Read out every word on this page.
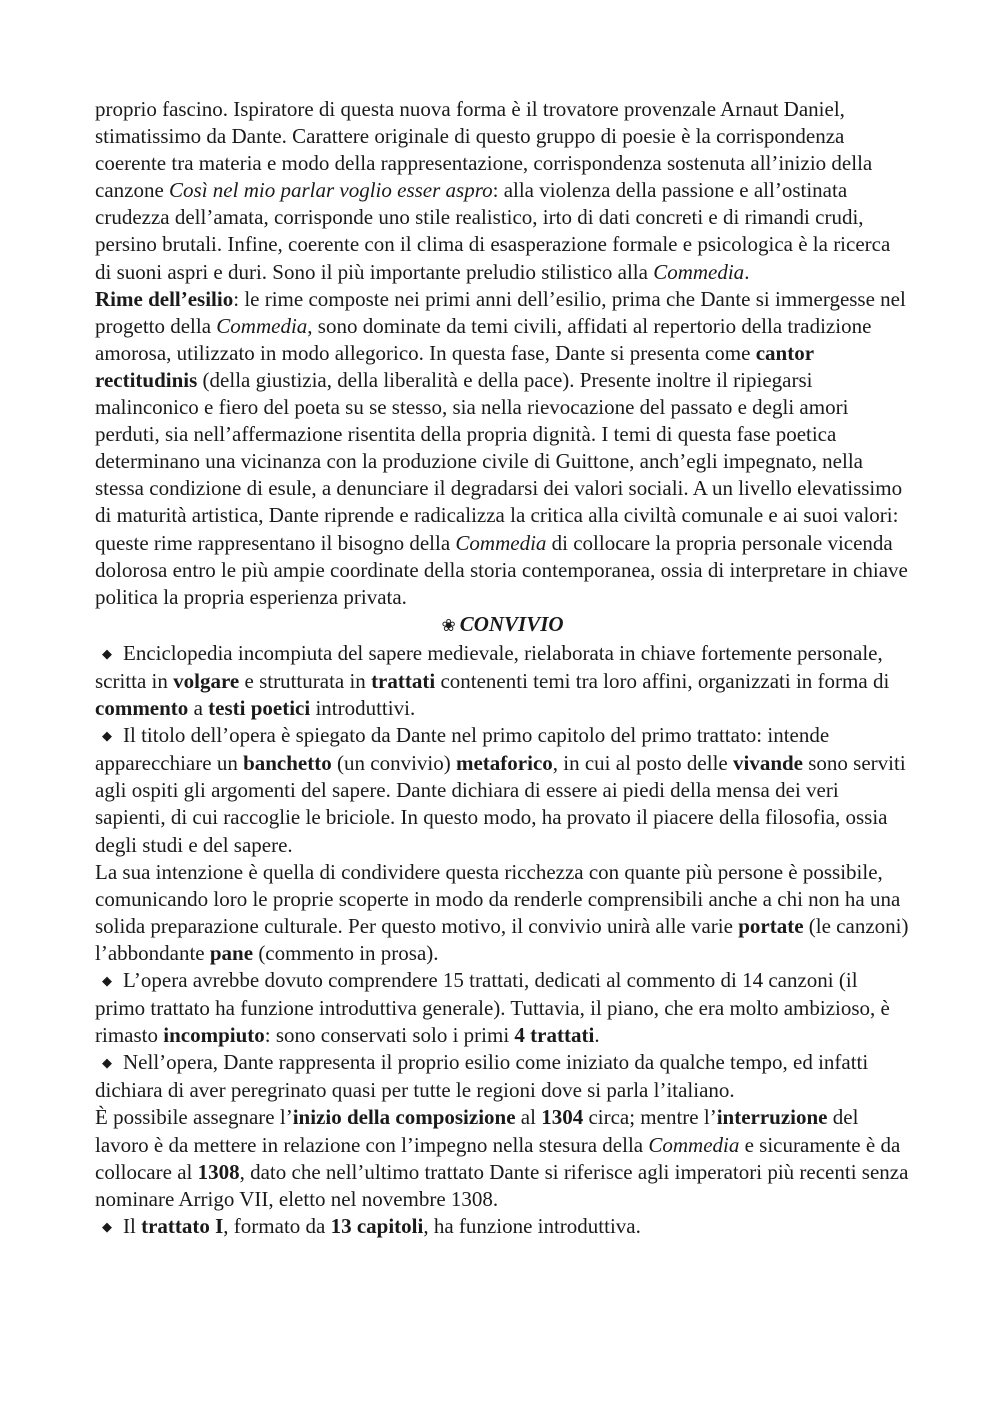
proprio fascino. Ispiratore di questa nuova forma è il trovatore provenzale Arnaut Daniel, stimatissimo da Dante. Carattere originale di questo gruppo di poesie è la corrispondenza coerente tra materia e modo della rappresentazione, corrispondenza sostenuta all’inizio della canzone Così nel mio parlar voglio esser aspro: alla violenza della passione e all’ostinata crudezza dell’amata, corrisponde uno stile realistico, irto di dati concreti e di rimandi crudi, persino brutali. Infine, coerente con il clima di esasperazione formale e psicologica è la ricerca di suoni aspri e duri. Sono il più importante preludio stilistico alla Commedia.

Rime dell’esilio: le rime composte nei primi anni dell’esilio, prima che Dante si immergesse nel progetto della Commedia, sono dominate da temi civili, affidati al repertorio della tradizione amorosa, utilizzato in modo allegorico. In questa fase, Dante si presenta come cantor rectitudinis (della giustizia, della liberalità e della pace). Presente inoltre il ripiegarsi malinconico e fiero del poeta su se stesso, sia nella rievocazione del passato e degli amori perduti, sia nell’affermazione risentita della propria dignità. I temi di questa fase poetica determinano una vicinanza con la produzione civile di Guittone, anch’egli impegnato, nella stessa condizione di esule, a denunciare il degradarsi dei valori sociali. A un livello elevatissimo di maturità artistica, Dante riprende e radicalizza la critica alla civiltà comunale e ai suoi valori: queste rime rappresentano il bisogno della Commedia di collocare la propria personale vicenda dolorosa entro le più ampie coordinate della storia contemporanea, ossia di interpretare in chiave politica la propria esperienza privata.

❀ CONVIVIO

◆ Enciclopedia incompiuta del sapere medievale, rielaborata in chiave fortemente personale, scritta in volgare e strutturata in trattati contenenti temi tra loro affini, organizzati in forma di commento a testi poetici introduttivi.

◆ Il titolo dell’opera è spiegato da Dante nel primo capitolo del primo trattato: intende apparecchiare un banchetto (un convivio) metaforico, in cui al posto delle vivande sono serviti agli ospiti gli argomenti del sapere. Dante dichiara di essere ai piedi della mensa dei veri sapienti, di cui raccoglie le briciole. In questo modo, ha provato il piacere della filosofia, ossia degli studi e del sapere.

La sua intenzione è quella di condividere questa ricchezza con quante più persone è possibile, comunicando loro le proprie scoperte in modo da renderle comprensibili anche a chi non ha una solida preparazione culturale. Per questo motivo, il convivio unirà alle varie portate (le canzoni) l’abbondante pane (commento in prosa).

◆ L’opera avrebbe dovuto comprendere 15 trattati, dedicati al commento di 14 canzoni (il primo trattato ha funzione introduttiva generale). Tuttavia, il piano, che era molto ambizioso, è rimasto incompiuto: sono conservati solo i primi 4 trattati.

◆ Nell’opera, Dante rappresenta il proprio esilio come iniziato da qualche tempo, ed infatti dichiara di aver peregrinato quasi per tutte le regioni dove si parla l’italiano.

È possibile assegnare l’inizio della composizione al 1304 circa; mentre l’interruzione del lavoro è da mettere in relazione con l’impegno nella stesura della Commedia e sicuramente è da collocare al 1308, dato che nell’ultimo trattato Dante si riferisce agli imperatori più recenti senza nominare Arrigo VII, eletto nel novembre 1308.

◆ Il trattato I, formato da 13 capitoli, ha funzione introduttiva.
